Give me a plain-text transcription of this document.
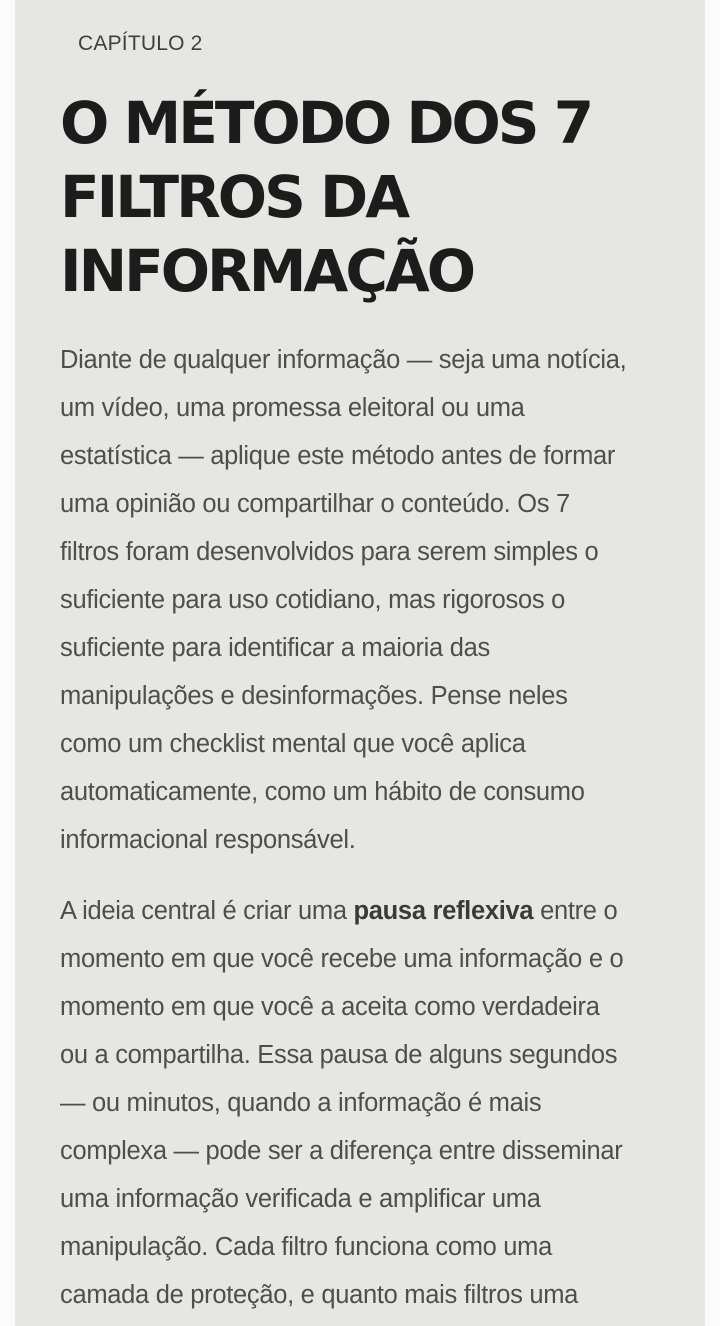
CAPÍTULO 2
O MÉTODO DOS 7
FILTROS DA
INFORMAÇÃO
Diante de qualquer informação — seja uma notícia,
um vídeo, uma promessa eleitoral ou uma
estatística — aplique este método antes de formar
uma opinião ou compartilhar o conteúdo. Os 7
filtros foram desenvolvidos para serem simples o
suficiente para uso cotidiano, mas rigorosos o
suficiente para identificar a maioria das
manipulações e desinformações. Pense neles
como um checklist mental que você aplica
automaticamente, como um hábito de consumo
informacional responsável.
A ideia central é criar uma pausa reflexiva entre o
momento em que você recebe uma informação e o
momento em que você a aceita como verdadeira
ou a compartilha. Essa pausa de alguns segundos
— ou minutos, quando a informação é mais
complexa — pode ser a diferença entre disseminar
uma informação verificada e amplificar uma
manipulação. Cada filtro funciona como uma
camada de proteção, e quanto mais filtros uma
